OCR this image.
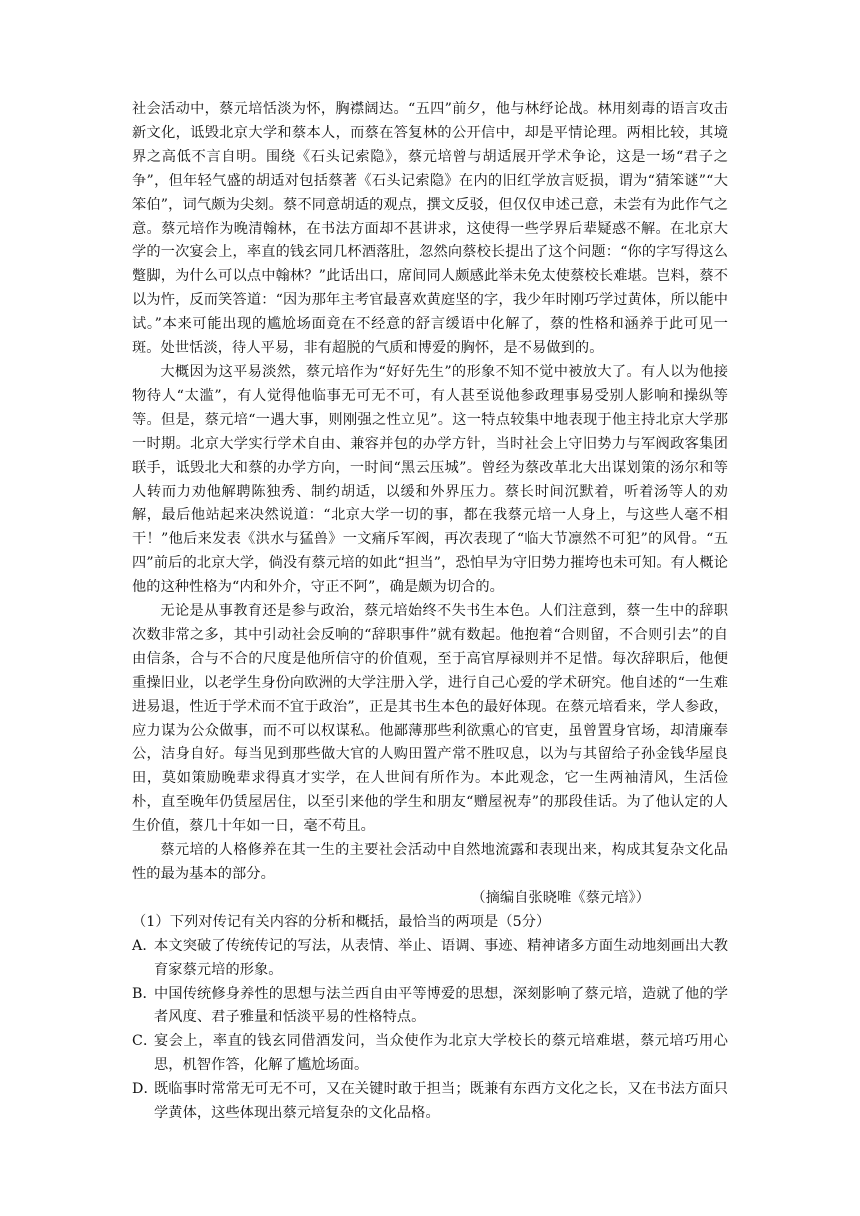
社会活动中，蔡元培恬淡为怀，胸襟阔达。“五四”前夕，他与林纾论战。林用刻毒的语言攻击新文化，诋毁北京大学和蔡本人，而蔡在答复林的公开信中，却是平情论理。两相比较，其境界之高低不言自明。围绕《石头记索隐》，蔡元培曾与胡适展开学术争论，这是一场“君子之争”，但年轻气盛的胡适对包括蔡著《石头记索隐》在内的旧红学放言贬损，谓为“猜笨谜”“大笨伯”，词气颇为尖刻。蔡不同意胡适的观点，撰文反驳，但仅仅申述己意，未尝有为此作气之意。蔡元培作为晚清翰林，在书法方面却不甚讲求，这使得一些学界后辈疑惑不解。在北京大学的一次宴会上，率直的钱玄同几杯酒落肚，忽然向蔡校长提出了这个问题：“你的字写得这么蹩脚，为什么可以点中翰林？”此话出口，席间同人颇感此举未免太使蔡校长难堪。岂料，蔡不以为忤，反而笑答道：“因为那年主考官最喜欢黄庭坚的字，我少年时刚巧学过黄体，所以能中试。”本来可能出现的尴尬场面竟在不经意的舒言缓语中化解了，蔡的性格和涵养于此可见一斑。处世恬淡，待人平易，非有超脱的气质和博爱的胸怀，是不易做到的。

大概因为这平易淡然，蔡元培作为“好好先生”的形象不知不觉中被放大了。有人以为他接物待人“太滥”，有人觉得他临事无可无不可，有人甚至说他参政理事易受别人影响和操纵等等。但是，蔡元培“一遇大事，则刚强之性立见”。这一特点较集中地表现于他主持北京大学那一时期。北京大学实行学术自由、兼容并包的办学方针，当时社会上守旧势力与军阀政客集团联手，诋毁北大和蔡的办学方向，一时间“黑云压城”。曾经为蔡改革北大出谋划策的汤尔和等人转而力劝他解聘陈独秀、制约胡适，以缓和外界压力。蔡长时间沉默着，听着汤等人的劝解，最后他站起来决然说道：“北京大学一切的事，都在我蔡元培一人身上，与这些人毫不相干！”他后来发表《洪水与猛兽》一文痛斥军阀，再次表现了“临大节凛然不可犯”的风骨。“五四”前后的北京大学，倘没有蔡元培的如此“担当”，恐怕早为守旧势力摧垮也未可知。有人概论他的这种性格为“内和外介，守正不阿”，确是颇为切合的。

无论是从事教育还是参与政治，蔡元培始终不失书生本色。人们注意到，蔡一生中的辞职次数非常之多，其中引动社会反响的“辞职事件”就有数起。他抱着“合则留，不合则引去”的自由信条，合与不合的尺度是他所信守的价值观，至于高官厚禄则并不足惜。每次辞职后，他便重操旧业，以老学生身份向欧洲的大学注册入学，进行自己心爱的学术研究。他自述的“一生难进易退，性近于学术而不宜于政治”，正是其书生本色的最好体现。在蔡元培看来，学人参政，应力谋为公众做事，而不可以权谋私。他鄙薄那些利欲熏心的官吏，虽曾置身官场，却清廉奉公，洁身自好。每当见到那些做大官的人购田置产常不胜叹息，以为与其留给子孙金钱华屋良田，莫如策励晚辈求得真才实学，在人世间有所作为。本此观念，它一生两袖清风，生活俭朴，直至晚年仍赁屋居住，以至引来他的学生和朋友“赠屋祝寿”的那段佳话。为了他认定的人生价值，蔡几十年如一日，毫不苟且。

蔡元培的人格修养在其一生的主要社会活动中自然地流露和表现出来，构成其复杂文化品性的最为基本的部分。

（摘编自张晓唯《蔡元培》）

（1）下列对传记有关内容的分析和概括，最恰当的两项是（5分）

A．
本文突破了传统传记的写法，从表情、举止、语调、事迹、精神诸多方面生动地刻画出大教育家蔡元培的形象。
B．
中国传统修身养性的思想与法兰西自由平等博爱的思想，深刻影响了蔡元培，造就了他的学者风度、君子雅量和恬淡平易的性格特点。
C．
宴会上，率直的钱玄同借酒发问，当众使作为北京大学校长的蔡元培难堪，蔡元培巧用心思，机智作答，化解了尴尬场面。
D．
既临事时常常无可无不可，又在关键时敢于担当；既兼有东西方文化之长，又在书法方面只学黄体，这些体现出蔡元培复杂的文化品格。
